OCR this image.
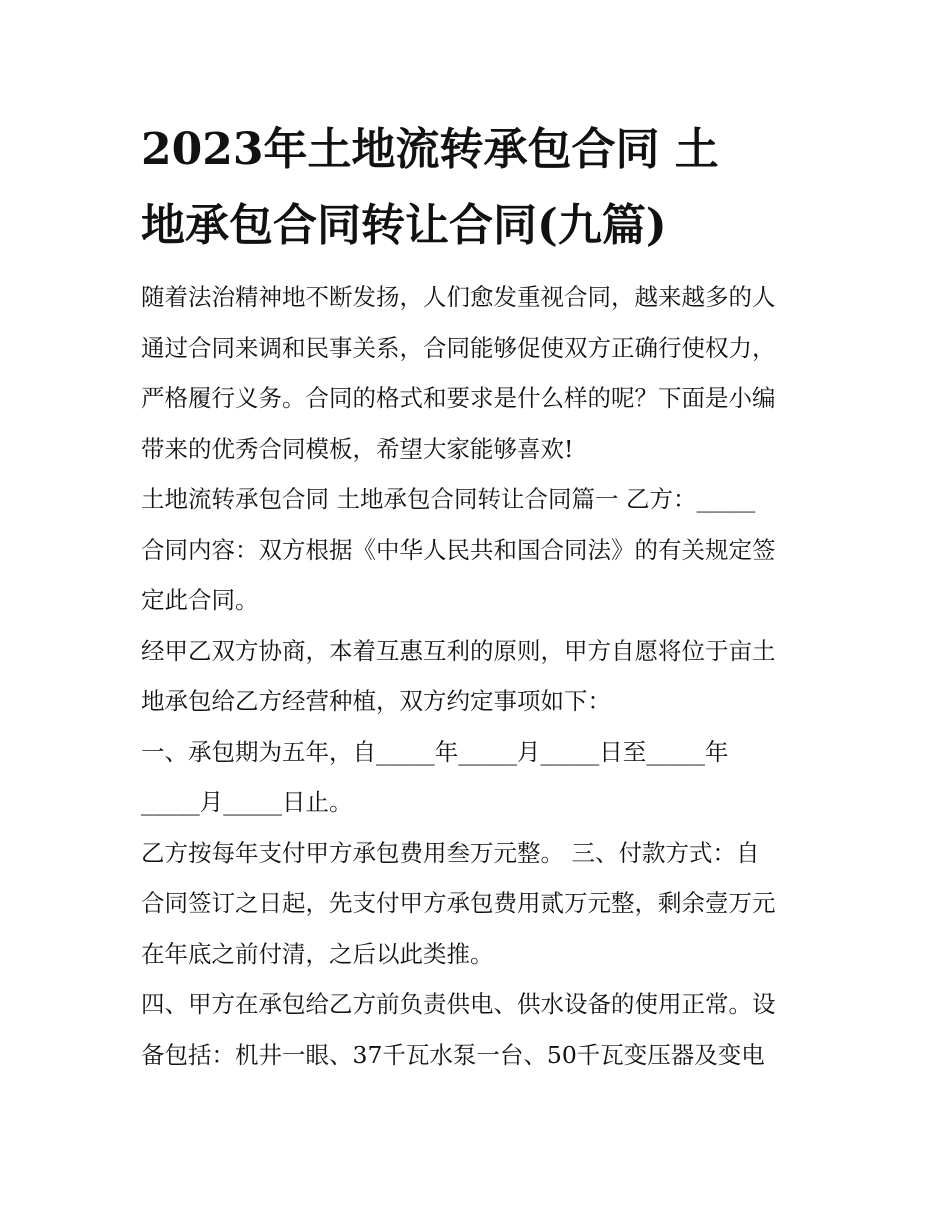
2023年土地流转承包合同 土
地承包合同转让合同(九篇)

随着法治精神地不断发扬，人们愈发重视合同，越来越多的人
通过合同来调和民事关系，合同能够促使双方正确行使权力，
严格履行义务。合同的格式和要求是什么样的呢？下面是小编
带来的优秀合同模板，希望大家能够喜欢!

土地流转承包合同 土地承包合同转让合同篇一 乙方：_____
合同内容：双方根据《中华人民共和国合同法》的有关规定签
定此合同。

经甲乙双方协商，本着互惠互利的原则，甲方自愿将位于亩土
地承包给乙方经营种植，双方约定事项如下：

一、承包期为五年，自_____年_____月_____日至_____年
_____月_____日止。

乙方按每年支付甲方承包费用叁万元整。 三、付款方式：自
合同签订之日起，先支付甲方承包费用贰万元整，剩余壹万元
在年底之前付清，之后以此类推。

四、甲方在承包给乙方前负责供电、供水设备的使用正常。设
备包括：机井一眼、37千瓦水泵一台、50千瓦变压器及变电
